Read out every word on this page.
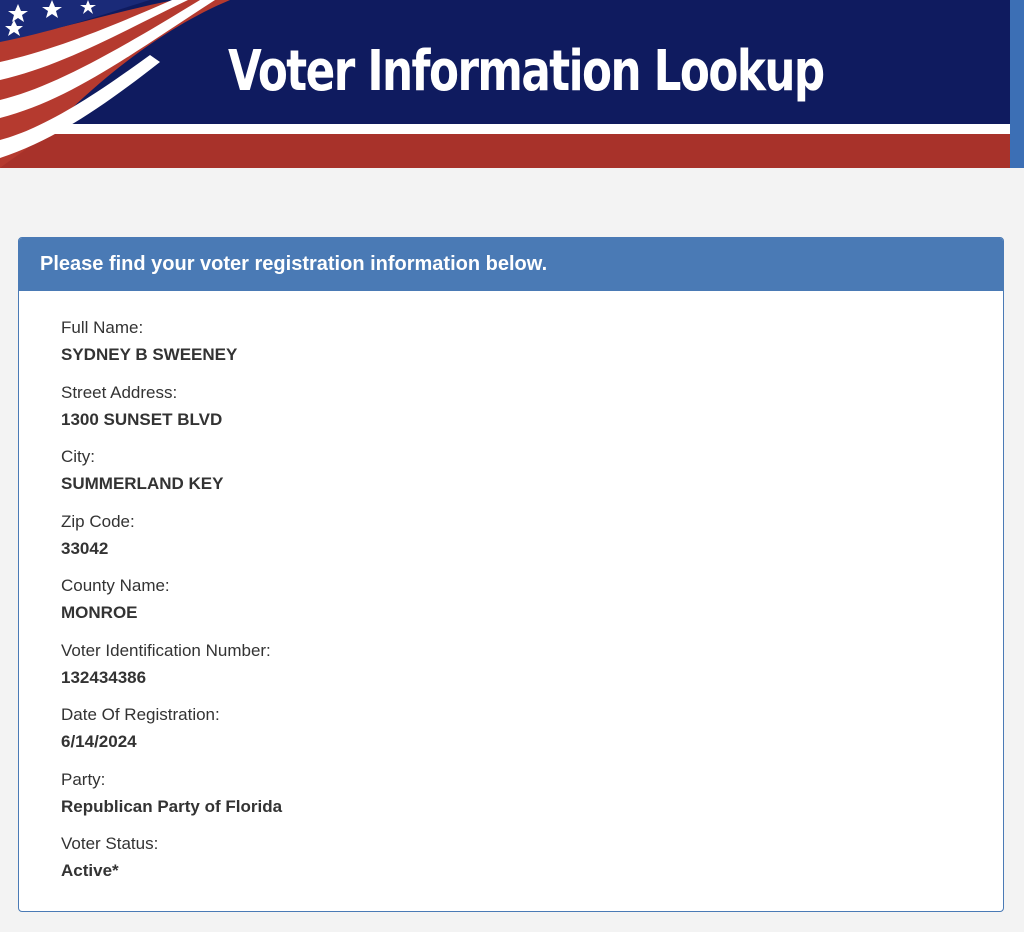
Voter Information Lookup
Please find your voter registration information below.
Full Name:
SYDNEY B SWEENEY
Street Address:
1300 SUNSET BLVD
City:
SUMMERLAND KEY
Zip Code:
33042
County Name:
MONROE
Voter Identification Number:
132434386
Date Of Registration:
6/14/2024
Party:
Republican Party of Florida
Voter Status:
Active*
